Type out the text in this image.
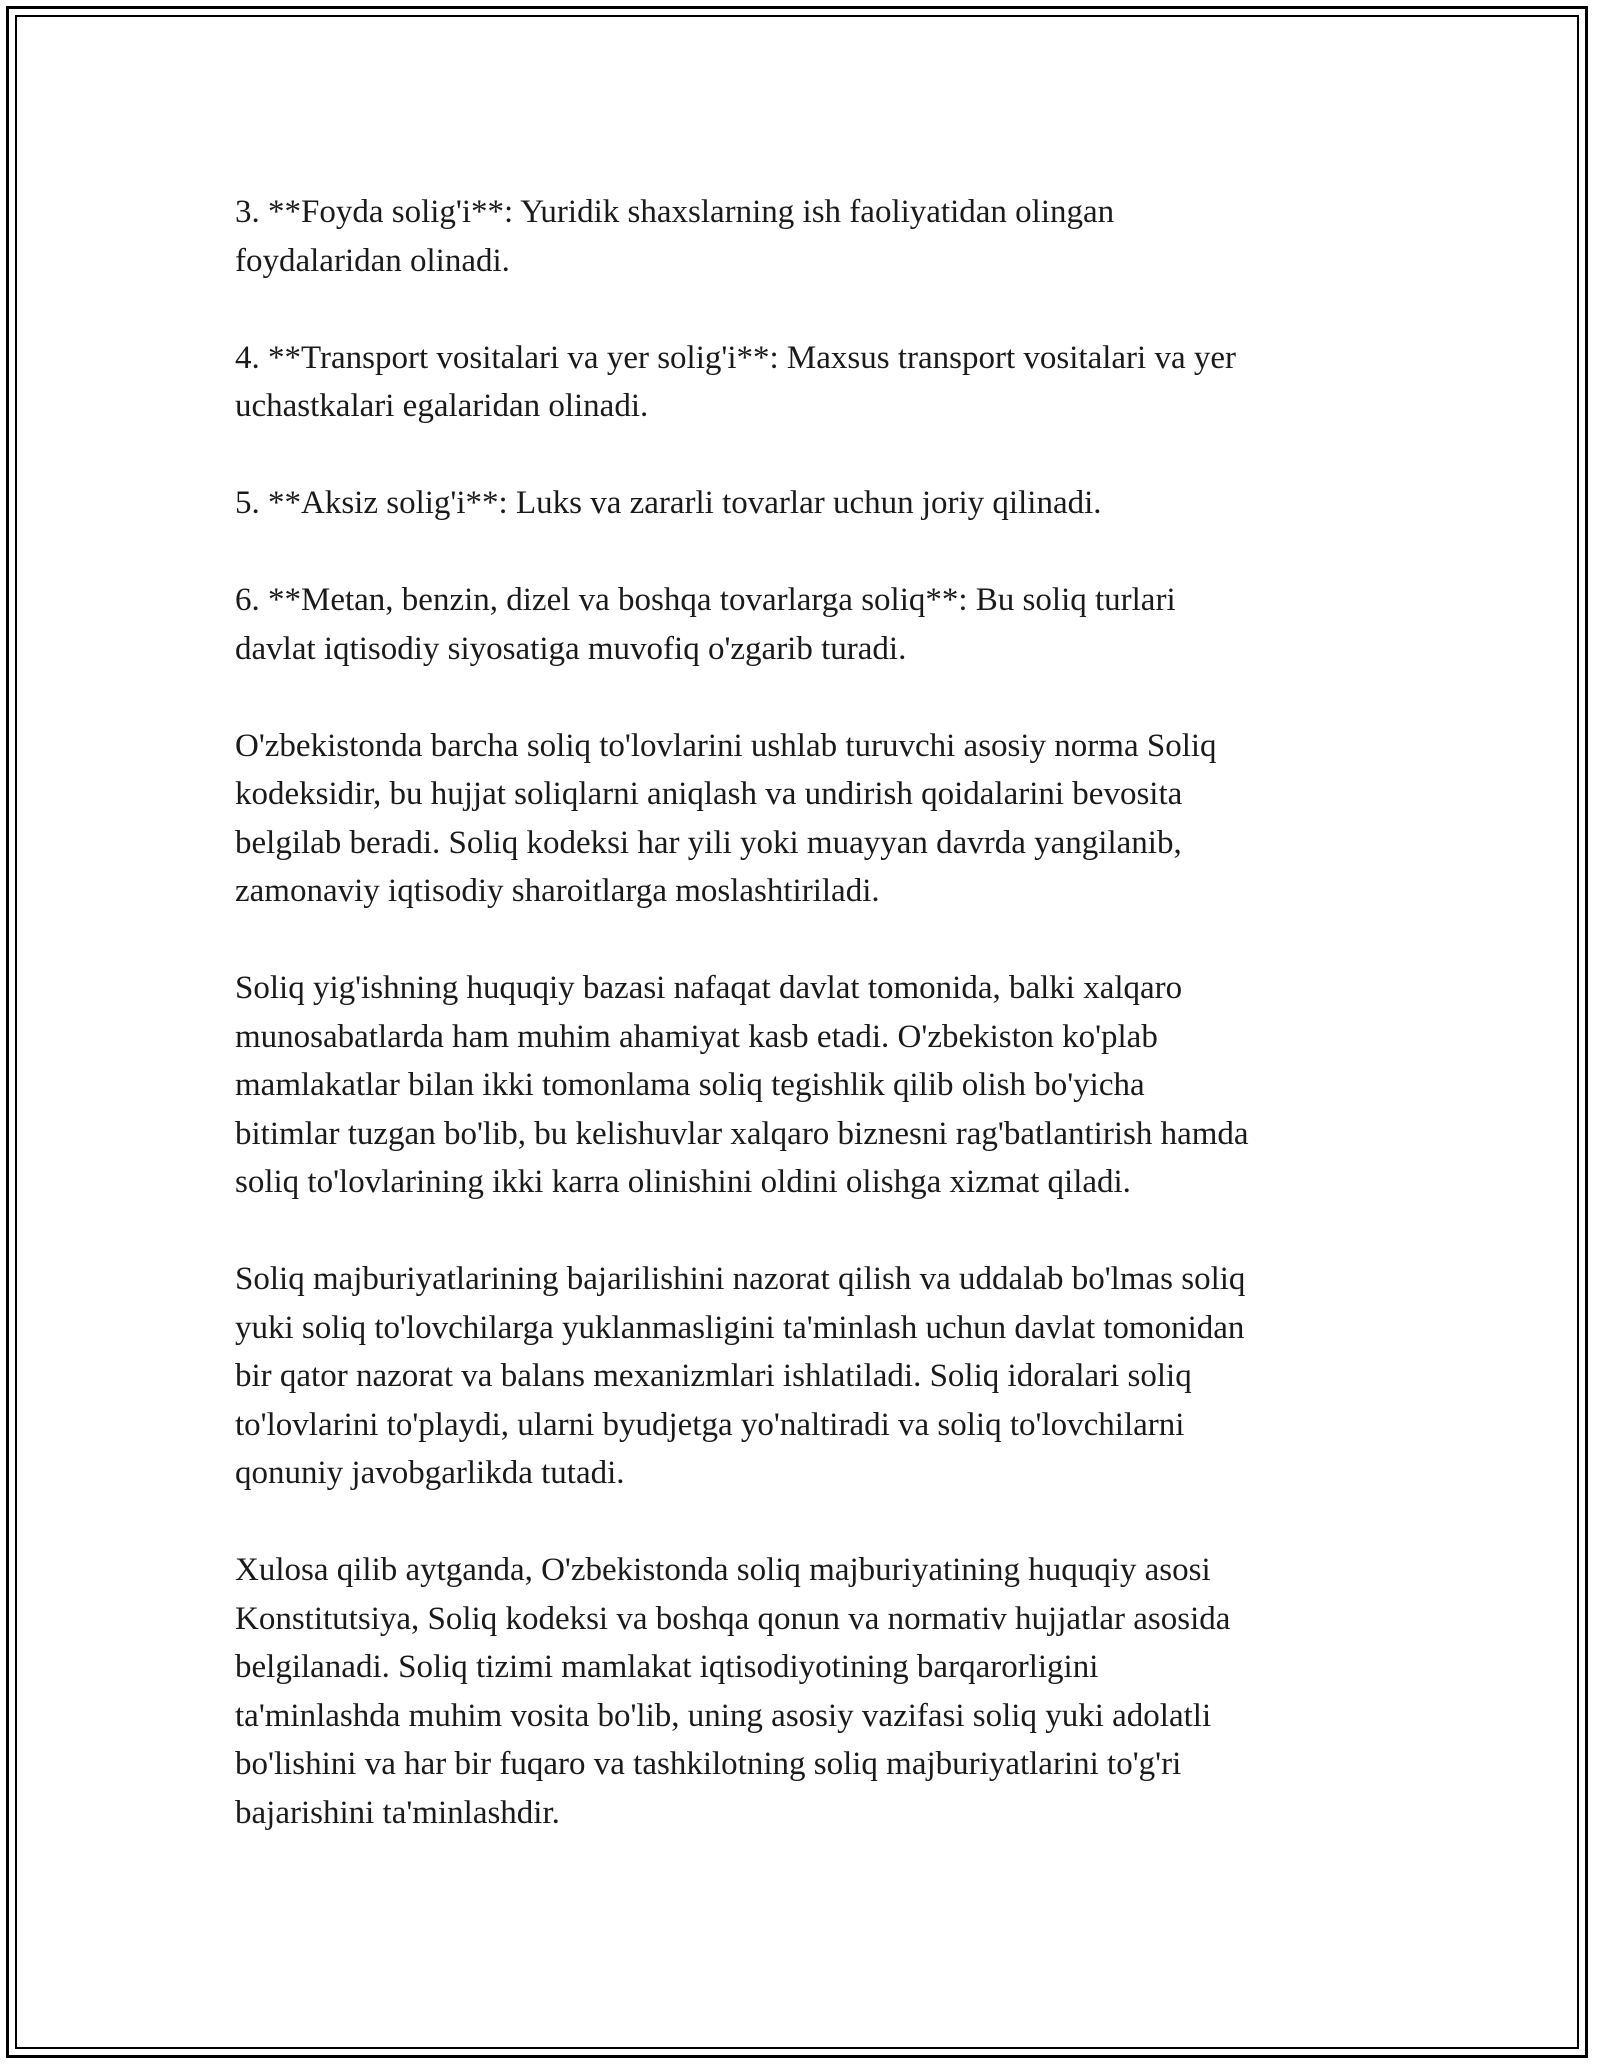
3. **Foyda solig'i**: Yuridik shaxslarning ish faoliyatidan olingan
foydalaridan olinadi.

4. **Transport vositalari va yer solig'i**: Maxsus transport vositalari va yer
uchastkalari egalaridan olinadi.

5. **Aksiz solig'i**: Luks va zararli tovarlar uchun joriy qilinadi.

6. **Metan, benzin, dizel va boshqa tovarlarga soliq**: Bu soliq turlari
davlat iqtisodiy siyosatiga muvofiq o'zgarib turadi.

O'zbekistonda barcha soliq to'lovlarini ushlab turuvchi asosiy norma Soliq
kodeksidir, bu hujjat soliqlarni aniqlash va undirish qoidalarini bevosita
belgilab beradi. Soliq kodeksi har yili yoki muayyan davrda yangilanib,
zamonaviy iqtisodiy sharoitlarga moslashtiriladi.

Soliq yig'ishning huquqiy bazasi nafaqat davlat tomonida, balki xalqaro
munosabatlarda ham muhim ahamiyat kasb etadi. O'zbekiston ko'plab
mamlakatlar bilan ikki tomonlama soliq tegishlik qilib olish bo'yicha
bitimlar tuzgan bo'lib, bu kelishuvlar xalqaro biznesni rag'batlantirish hamda
soliq to'lovlarining ikki karra olinishini oldini olishga xizmat qiladi.

Soliq majburiyatlarining bajarilishini nazorat qilish va uddalab bo'lmas soliq
yuki soliq to'lovchilarga yuklanmasligini ta'minlash uchun davlat tomonidan
bir qator nazorat va balans mexanizmlari ishlatiladi. Soliq idoralari soliq
to'lovlarini to'playdi, ularni byudjetga yo'naltiradi va soliq to'lovchilarni
qonuniy javobgarlikda tutadi.

Xulosa qilib aytganda, O'zbekistonda soliq majburiyatining huquqiy asosi
Konstitutsiya, Soliq kodeksi va boshqa qonun va normativ hujjatlar asosida
belgilanadi. Soliq tizimi mamlakat iqtisodiyotining barqarorligini
ta'minlashda muhim vosita bo'lib, uning asosiy vazifasi soliq yuki adolatli
bo'lishini va har bir fuqaro va tashkilotning soliq majburiyatlarini to'g'ri
bajarishini ta'minlashdir.
